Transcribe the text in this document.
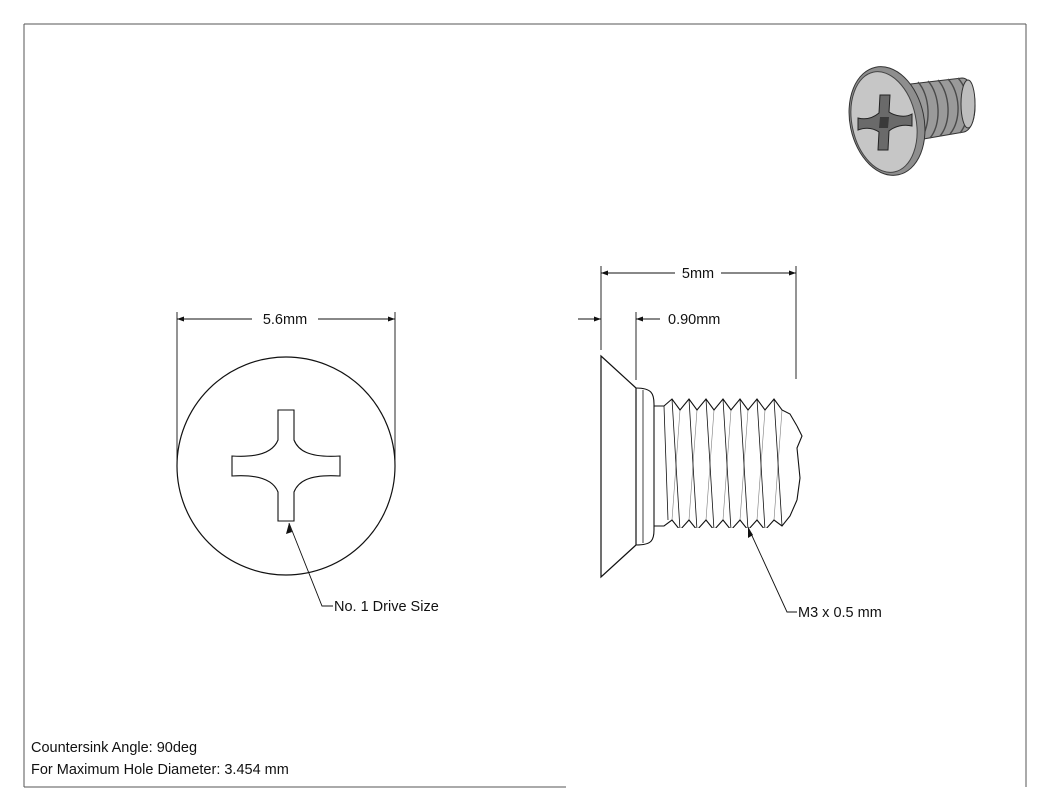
5.6mm
No. 1 Drive Size
5mm
0.90mm
M3 x 0.5 mm
Countersink Angle: 90deg
For Maximum Hole Diameter: 3.454 mm
